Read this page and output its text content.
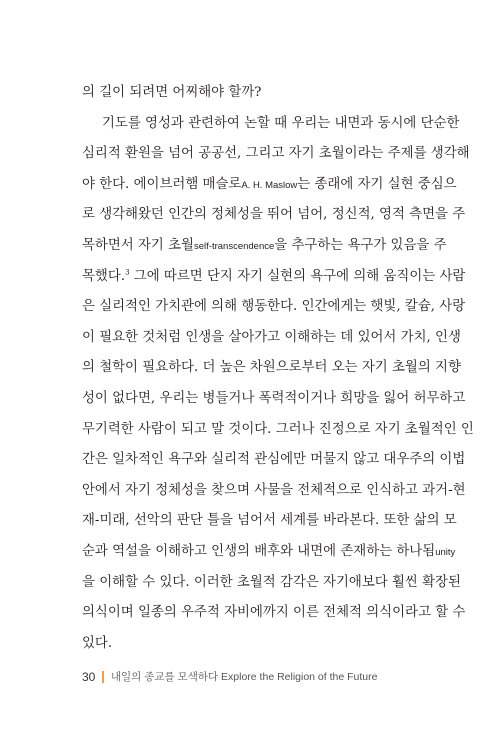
의 길이 되려면 어찌해야 할까?
기도를 영성과 관련하여 논할 때 우리는 내면과 동시에 단순한
심리적 환원을 넘어 공공선, 그리고 자기 초월이라는 주제를 생각해
야 한다. 에이브러햄 매슬로A. H. Maslow는 종래에 자기 실현 중심으
로 생각해왔던 인간의 정체성을 뛰어 넘어, 정신적, 영적 측면을 주
목하면서 자기 초월self-transcendence을 추구하는 욕구가 있음을 주
목했다.$^3$ 그에 따르면 단지 자기 실현의 욕구에 의해 움직이는 사람
은 실리적인 가치관에 의해 행동한다. 인간에게는 햇빛, 칼슘, 사랑
이 필요한 것처럼 인생을 살아가고 이해하는 데 있어서 가치, 인생
의 철학이 필요하다. 더 높은 차원으로부터 오는 자기 초월의 지향
성이 없다면, 우리는 병들거나 폭력적이거나 희망을 잃어 허무하고
무기력한 사람이 되고 말 것이다. 그러나 진정으로 자기 초월적인 인
간은 일차적인 욕구와 실리적 관심에만 머물지 않고 대우주의 이법
안에서 자기 정체성을 찾으며 사물을 전체적으로 인식하고 과거-현
재-미래, 선악의 판단 틀을 넘어서 세계를 바라본다. 또한 삶의 모
순과 역설을 이해하고 인생의 배후와 내면에 존재하는 하나됨unity
을 이해할 수 있다. 이러한 초월적 감각은 자기애보다 훨씬 확장된
의식이며 일종의 우주적 자비에까지 이른 전체적 의식이라고 할 수
있다.
30 내일의 종교를 모색하다 Explore the Religion of the Future
